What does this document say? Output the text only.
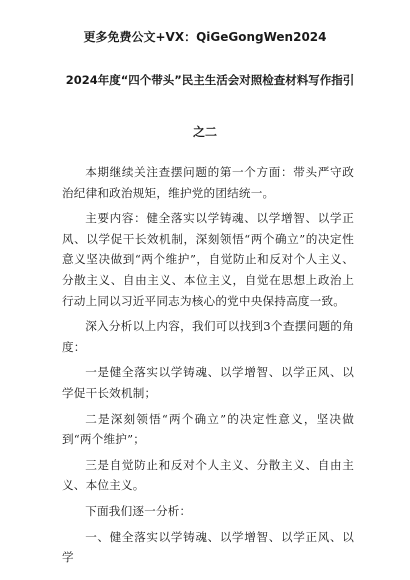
更多免费公文+VX：QiGeGongWen2024
2024年度“四个带头”民主生活会对照检查材料写作指引
之二

本期继续关注查摆问题的第一个方面：带头严守政治纪律和政治规矩，维护党的团结统一。

主要内容：健全落实以学铸魂、以学增智、以学正风、以学促干长效机制，深刻领悟“两个确立”的决定性意义坚决做到“两个维护”，自觉防止和反对个人主义、分散主义、自由主义、本位主义，自觉在思想上政治上行动上同以习近平同志为核心的党中央保持高度一致。

深入分析以上内容，我们可以找到3个查摆问题的角度：

一是健全落实以学铸魂、以学增智、以学正风、以学促干长效机制；

二是深刻领悟“两个确立”的决定性意义，坚决做到“两个维护”；

三是自觉防止和反对个人主义、分散主义、自由主义、本位主义。

下面我们逐一分析：

一、健全落实以学铸魂、以学增智、以学正风、以学
